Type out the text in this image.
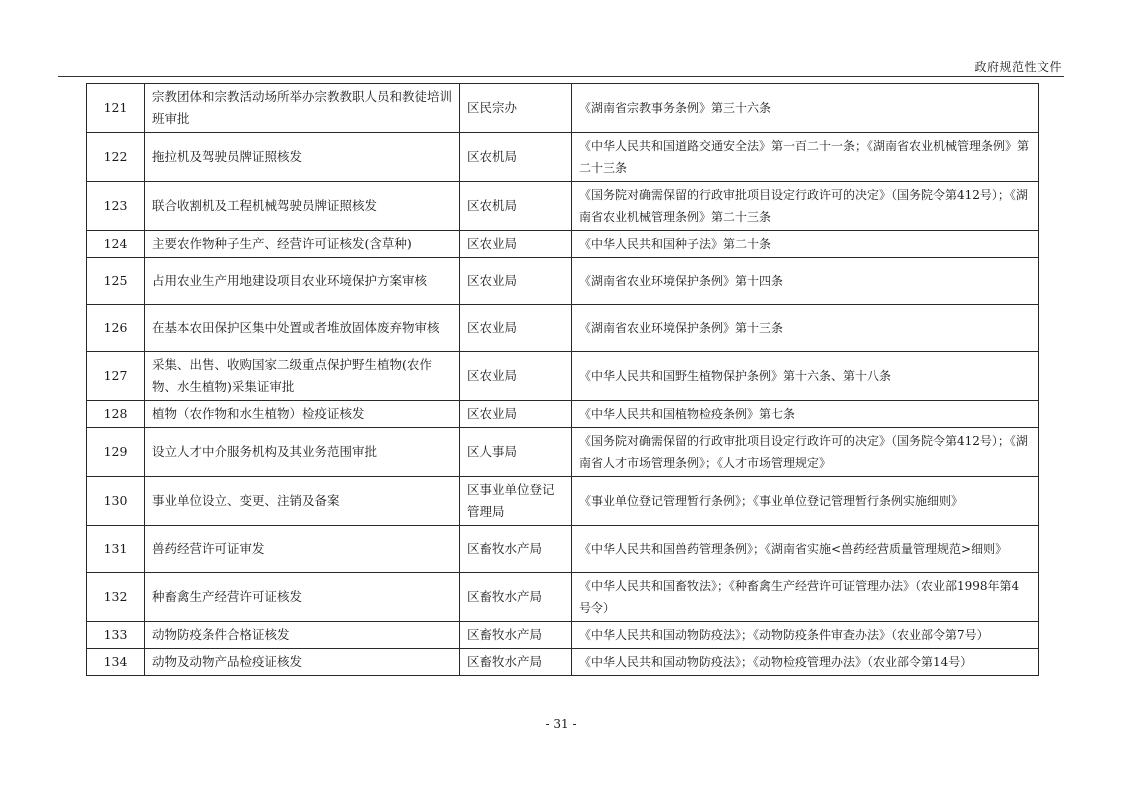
政府规范性文件
121	宗教团体和宗教活动场所举办宗教教职人员和教徒培训班审批	区民宗办	《湖南省宗教事务条例》第三十六条
122	拖拉机及驾驶员牌证照核发	区农机局	《中华人民共和国道路交通安全法》第一百二十一条；《湖南省农业机械管理条例》第二十三条
123	联合收割机及工程机械驾驶员牌证照核发	区农机局	《国务院对确需保留的行政审批项目设定行政许可的决定》（国务院令第412号）；《湖南省农业机械管理条例》第二十三条
124	主要农作物种子生产、经营许可证核发(含草种)	区农业局	《中华人民共和国种子法》第二十条
125	占用农业生产用地建设项目农业环境保护方案审核	区农业局	《湖南省农业环境保护条例》第十四条
126	在基本农田保护区集中处置或者堆放固体废弃物审核	区农业局	《湖南省农业环境保护条例》第十三条
127	采集、出售、收购国家二级重点保护野生植物(农作物、水生植物)采集证审批	区农业局	《中华人民共和国野生植物保护条例》第十六条、第十八条
128	植物（农作物和水生植物）检疫证核发	区农业局	《中华人民共和国植物检疫条例》第七条
129	设立人才中介服务机构及其业务范围审批	区人事局	《国务院对确需保留的行政审批项目设定行政许可的决定》（国务院令第412号）；《湖南省人才市场管理条例》；《人才市场管理规定》
130	事业单位设立、变更、注销及备案	区事业单位登记管理局	《事业单位登记管理暂行条例》；《事业单位登记管理暂行条例实施细则》
131	兽药经营许可证审发	区畜牧水产局	《中华人民共和国兽药管理条例》；《湖南省实施<兽药经营质量管理规范>细则》
132	种畜禽生产经营许可证核发	区畜牧水产局	《中华人民共和国畜牧法》；《种畜禽生产经营许可证管理办法》（农业部1998年第4号令）
133	动物防疫条件合格证核发	区畜牧水产局	《中华人民共和国动物防疫法》；《动物防疫条件审查办法》（农业部令第7号）
134	动物及动物产品检疫证核发	区畜牧水产局	《中华人民共和国动物防疫法》；《动物检疫管理办法》（农业部令第14号）
- 31 -
